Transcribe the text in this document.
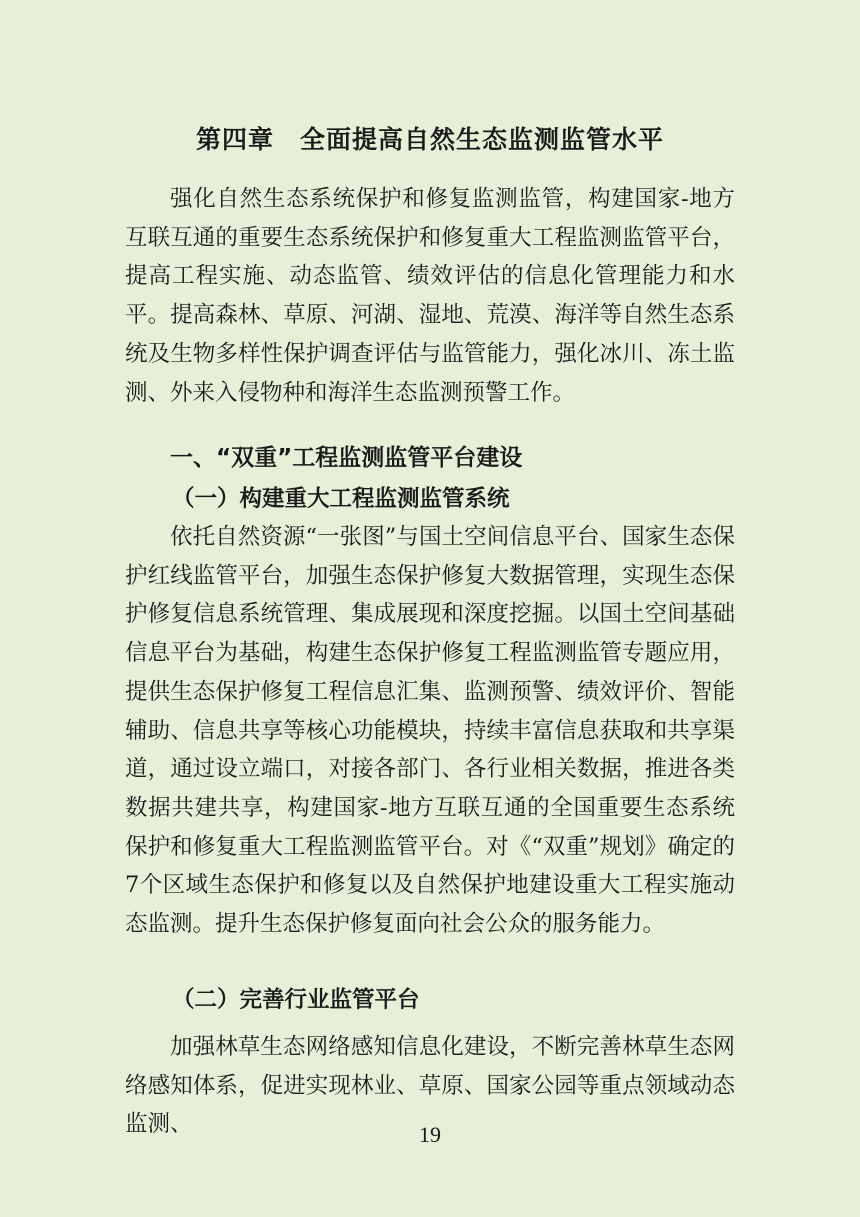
第四章　全面提高自然生态监测监管水平

强化自然生态系统保护和修复监测监管，构建国家-地方互联互通的重要生态系统保护和修复重大工程监测监管平台，提高工程实施、动态监管、绩效评估的信息化管理能力和水平。提高森林、草原、河湖、湿地、荒漠、海洋等自然生态系统及生物多样性保护调查评估与监管能力，强化冰川、冻土监测、外来入侵物种和海洋生态监测预警工作。

一、“双重”工程监测监管平台建设
（一）构建重大工程监测监管系统

依托自然资源“一张图”与国土空间信息平台、国家生态保护红线监管平台，加强生态保护修复大数据管理，实现生态保护修复信息系统管理、集成展现和深度挖掘。以国土空间基础信息平台为基础，构建生态保护修复工程监测监管专题应用，提供生态保护修复工程信息汇集、监测预警、绩效评价、智能辅助、信息共享等核心功能模块，持续丰富信息获取和共享渠道，通过设立端口，对接各部门、各行业相关数据，推进各类数据共建共享，构建国家-地方互联互通的全国重要生态系统保护和修复重大工程监测监管平台。对《“双重”规划》确定的7个区域生态保护和修复以及自然保护地建设重大工程实施动态监测。提升生态保护修复面向社会公众的服务能力。

（二）完善行业监管平台

加强林草生态网络感知信息化建设，不断完善林草生态网络感知体系，促进实现林业、草原、国家公园等重点领域动态监测、	19
